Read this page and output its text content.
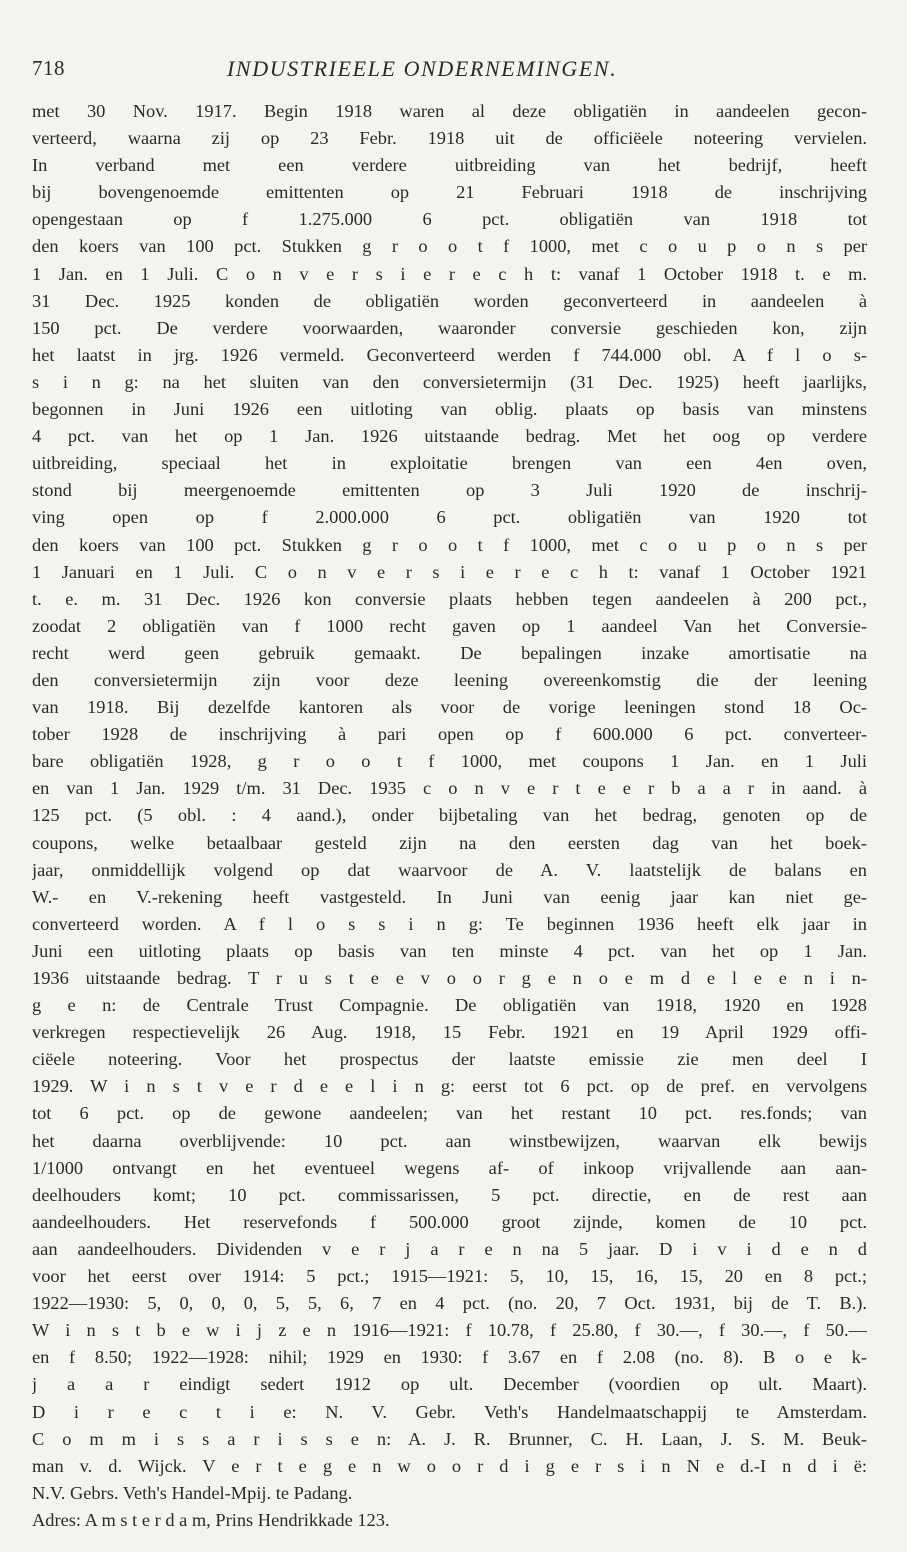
718	INDUSTRIEELE ONDERNEMINGEN.
met 30 Nov. 1917. Begin 1918 waren al deze obligatiën in aandeelen gecon-
verteerd, waarna zij op 23 Febr. 1918 uit de officiëele noteering vervielen.
In verband met een verdere uitbreiding van het bedrijf, heeft
bij bovengenoemde emittenten op 21 Februari 1918 de inschrijving
opengestaan op f 1.275.000 6 pct. obligatiën van 1918 tot
den koers van 100 pct. Stukken g r o o t f 1000, met c o u p o n s per
1 Jan. en 1 Juli. C o n v e r s i e r e c h t: vanaf 1 October 1918 t. e m.
31 Dec. 1925 konden de obligatiën worden geconverteerd in aandeelen à
150 pct. De verdere voorwaarden, waaronder conversie geschieden kon, zijn
het laatst in jrg. 1926 vermeld. Geconverteerd werden f 744.000 obl. A f l o s-
s i n g: na het sluiten van den conversietermijn (31 Dec. 1925) heeft jaarlijks,
begonnen in Juni 1926 een uitloting van oblig. plaats op basis van minstens
4 pct. van het op 1 Jan. 1926 uitstaande bedrag. Met het oog op verdere
uitbreiding, speciaal het in exploitatie brengen van een 4en oven,
stond bij meergenoemde emittenten op 3 Juli 1920 de inschrij-
ving open op f 2.000.000 6 pct. obligatiën van 1920 tot
den koers van 100 pct. Stukken g r o o t f 1000, met c o u p o n s per
1 Januari en 1 Juli. C o n v e r s i e r e c h t: vanaf 1 October 1921
t. e. m. 31 Dec. 1926 kon conversie plaats hebben tegen aandeelen à 200 pct.,
zoodat 2 obligatiën van f 1000 recht gaven op 1 aandeel Van het Conversie-
recht werd geen gebruik gemaakt. De bepalingen inzake amortisatie na
den conversietermijn zijn voor deze leening overeenkomstig die der leening
van 1918. Bij dezelfde kantoren als voor de vorige leeningen stond 18 Oc-
tober 1928 de inschrijving à pari open op f 600.000 6 pct. converteer-
bare obligatiën 1928, g r o o t f 1000, met coupons 1 Jan. en 1 Juli
en van 1 Jan. 1929 t/m. 31 Dec. 1935 c o n v e r t e e r b a a r in aand. à
125 pct. (5 obl. : 4 aand.), onder bijbetaling van het bedrag, genoten op de
coupons, welke betaalbaar gesteld zijn na den eersten dag van het boek-
jaar, onmiddellijk volgend op dat waarvoor de A. V. laatstelijk de balans en
W.- en V.-rekening heeft vastgesteld. In Juni van eenig jaar kan niet ge-
converteerd worden. A f l o s s i n g: Te beginnen 1936 heeft elk jaar in
Juni een uitloting plaats op basis van ten minste 4 pct. van het op 1 Jan.
1936 uitstaande bedrag. T r u s t e e v o o r g e n o e m d e l e e n i n-
g e n: de Centrale Trust Compagnie. De obligatiën van 1918, 1920 en 1928
verkregen respectievelijk 26 Aug. 1918, 15 Febr. 1921 en 19 April 1929 offi-
ciëele noteering. Voor het prospectus der laatste emissie zie men deel I
1929. W i n s t v e r d e e l i n g: eerst tot 6 pct. op de pref. en vervolgens
tot 6 pct. op de gewone aandeelen; van het restant 10 pct. res.fonds; van
het daarna overblijvende: 10 pct. aan winstbewijzen, waarvan elk bewijs
1/1000 ontvangt en het eventueel wegens af- of inkoop vrijvallende aan aan-
deelhouders komt; 10 pct. commissarissen, 5 pct. directie, en de rest aan
aandeelhouders. Het reservefonds f 500.000 groot zijnde, komen de 10 pct.
aan aandeelhouders. Dividenden v e r j a r e n na 5 jaar. D i v i d e n d
voor het eerst over 1914: 5 pct.; 1915—1921: 5, 10, 15, 16, 15, 20 en 8 pct.;
1922—1930: 5, 0, 0, 0, 5, 5, 6, 7 en 4 pct. (no. 20, 7 Oct. 1931, bij de T. B.).
W i n s t b e w i j z e n 1916—1921: f 10.78, f 25.80, f 30.—, f 30.—, f 50.—
en f 8.50; 1922—1928: nihil; 1929 en 1930: f 3.67 en f 2.08 (no. 8). B o e k-
j a a r eindigt sedert 1912 op ult. December (voordien op ult. Maart).
D i r e c t i e: N. V. Gebr. Veth's Handelmaatschappij te Amsterdam.
C o m m i s s a r i s s e n: A. J. R. Brunner, C. H. Laan, J. S. M. Beuk-
man v. d. Wijck. V e r t e g e n w o o r d i g e r s i n N e d.-I n d i ë:
N.V. Gebrs. Veth's Handel-Mpij. te Padang.
Adres: A m s t e r d a m, Prins Hendrikkade 123.
